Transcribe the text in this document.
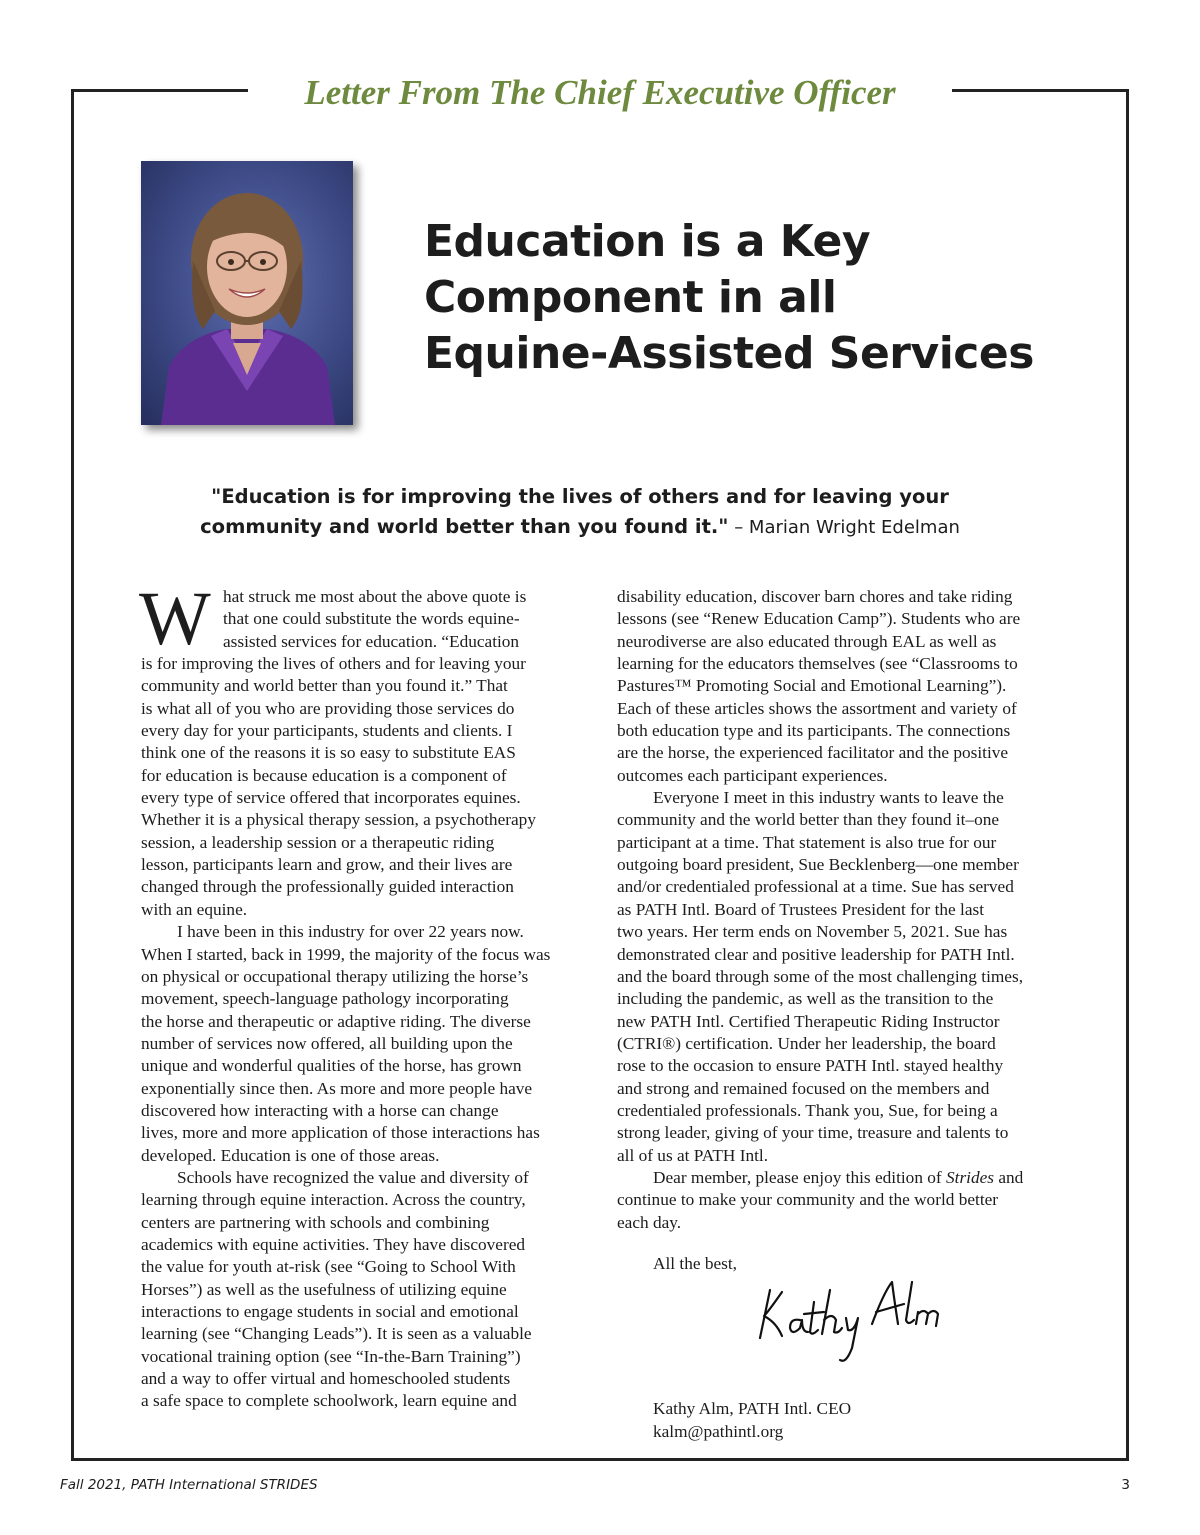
Letter From The Chief Executive Officer
Education is a Key
Component in all
Equine-Assisted Services
"Education is for improving the lives of others and for leaving your
community and world better than you found it." – Marian Wright Edelman
W hat struck me most about the above quote is
that one could substitute the words equine-
assisted services for education. “Education
is for improving the lives of others and for leaving your
community and world better than you found it.” That
is what all of you who are providing those services do
every day for your participants, students and clients. I
think one of the reasons it is so easy to substitute EAS
for education is because education is a component of
every type of service offered that incorporates equines.
Whether it is a physical therapy session, a psychotherapy
session, a leadership session or a therapeutic riding
lesson, participants learn and grow, and their lives are
changed through the professionally guided interaction
with an equine.
I have been in this industry for over 22 years now.
When I started, back in 1999, the majority of the focus was
on physical or occupational therapy utilizing the horse’s
movement, speech-language pathology incorporating
the horse and therapeutic or adaptive riding. The diverse
number of services now offered, all building upon the
unique and wonderful qualities of the horse, has grown
exponentially since then. As more and more people have
discovered how interacting with a horse can change
lives, more and more application of those interactions has
developed. Education is one of those areas.
Schools have recognized the value and diversity of
learning through equine interaction. Across the country,
centers are partnering with schools and combining
academics with equine activities. They have discovered
the value for youth at-risk (see “Going to School With
Horses”) as well as the usefulness of utilizing equine
interactions to engage students in social and emotional
learning (see “Changing Leads”). It is seen as a valuable
vocational training option (see “In-the-Barn Training”)
and a way to offer virtual and homeschooled students
a safe space to complete schoolwork, learn equine and
disability education, discover barn chores and take riding
lessons (see “Renew Education Camp”). Students who are
neurodiverse are also educated through EAL as well as
learning for the educators themselves (see “Classrooms to
Pastures™ Promoting Social and Emotional Learning”).
Each of these articles shows the assortment and variety of
both education type and its participants. The connections
are the horse, the experienced facilitator and the positive
outcomes each participant experiences.
Everyone I meet in this industry wants to leave the
community and the world better than they found it–one
participant at a time. That statement is also true for our
outgoing board president, Sue Becklenberg—one member
and/or credentialed professional at a time. Sue has served
as PATH Intl. Board of Trustees President for the last
two years. Her term ends on November 5, 2021. Sue has
demonstrated clear and positive leadership for PATH Intl.
and the board through some of the most challenging times,
including the pandemic, as well as the transition to the
new PATH Intl. Certified Therapeutic Riding Instructor
(CTRI®) certification. Under her leadership, the board
rose to the occasion to ensure PATH Intl. stayed healthy
and strong and remained focused on the members and
credentialed professionals. Thank you, Sue, for being a
strong leader, giving of your time, treasure and talents to
all of us at PATH Intl.
Dear member, please enjoy this edition of Strides and
continue to make your community and the world better
each day.
All the best,
Kathy Alm, PATH Intl. CEO
kalm@pathintl.org
Fall 2021, PATH International STRIDES	3
